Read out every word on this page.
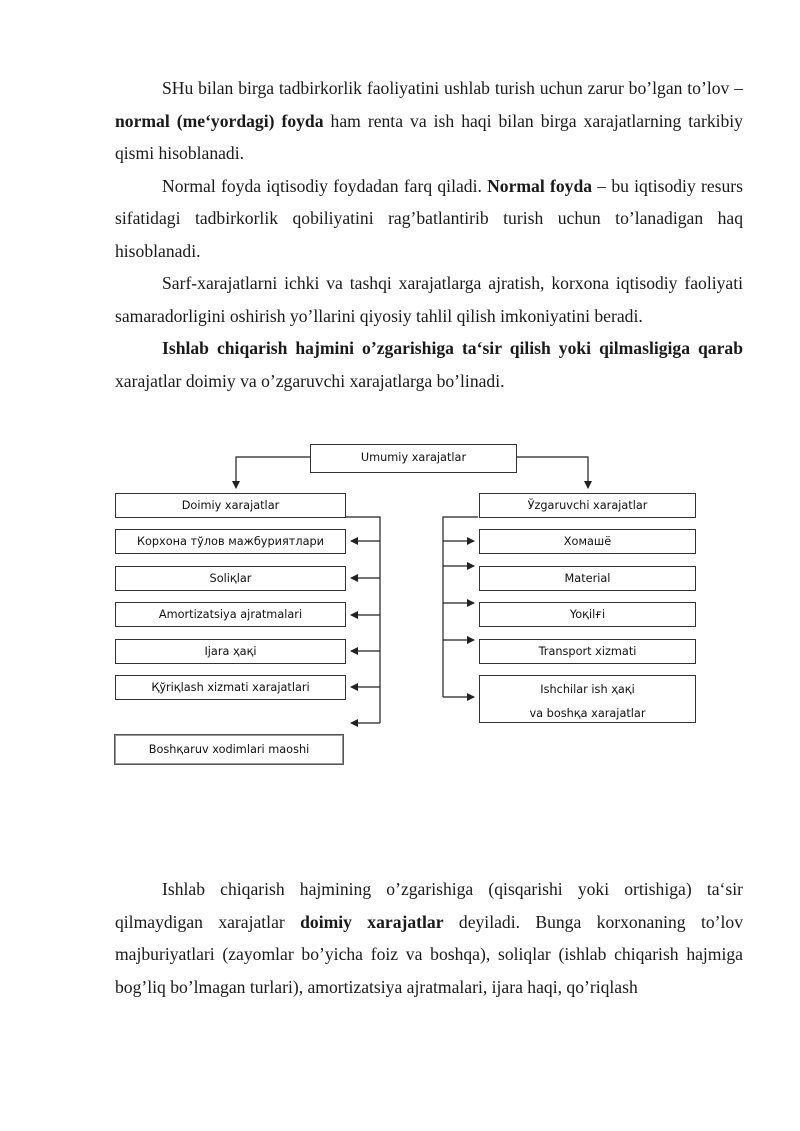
SHu bilan birga tadbirkorlik faoliyatini ushlab turish uchun zarur bo’lgan to’lov – normal (me‘yordagi) foyda ham renta va ish haqi bilan birga xarajatlarning tarkibiy qismi hisoblanadi.

Normal foyda iqtisodiy foydadan farq qiladi. Normal foyda – bu iqtisodiy resurs sifatidagi tadbirkorlik qobiliyatini rag’batlantirib turish uchun to’lanadigan haq hisoblanadi.

Sarf-xarajatlarni ichki va tashqi xarajatlarga ajratish, korxona iqtisodiy faoliyati samaradorligini oshirish yo’llarini qiyosiy tahlil qilish imkoniyatini beradi.

Ishlab chiqarish hajmini o’zgarishiga ta‘sir qilish yoki qilmasligiga qarab xarajatlar doimiy va o’zgaruvchi xarajatlarga bo’linadi.

Umumiy xarajatlar
Doimiy xarajatlar
Корхона тўлов мажбуриятлари
Soliқlar
Amortizatsiya ajratmalari
Ijara ҳaқi
Қўriқlash xizmati xarajatlari
Boshқaruv xodimlari maoshi
Ўzgaruvchi xarajatlar
Хомашё
Material
Yoқilғi
Transport xizmati
Ishchilar ish ҳaқi
va boshқa xarajatlar

Ishlab chiqarish hajmining o’zgarishiga (qisqarishi yoki ortishiga) ta‘sir qilmaydigan xarajatlar doimiy xarajatlar deyiladi. Bunga korxonaning to’lov majburiyatlari (zayomlar bo’yicha foiz va boshqa), soliqlar (ishlab chiqarish hajmiga bog’liq bo’lmagan turlari), amortizatsiya ajratmalari, ijara haqi, qo’riqlash
